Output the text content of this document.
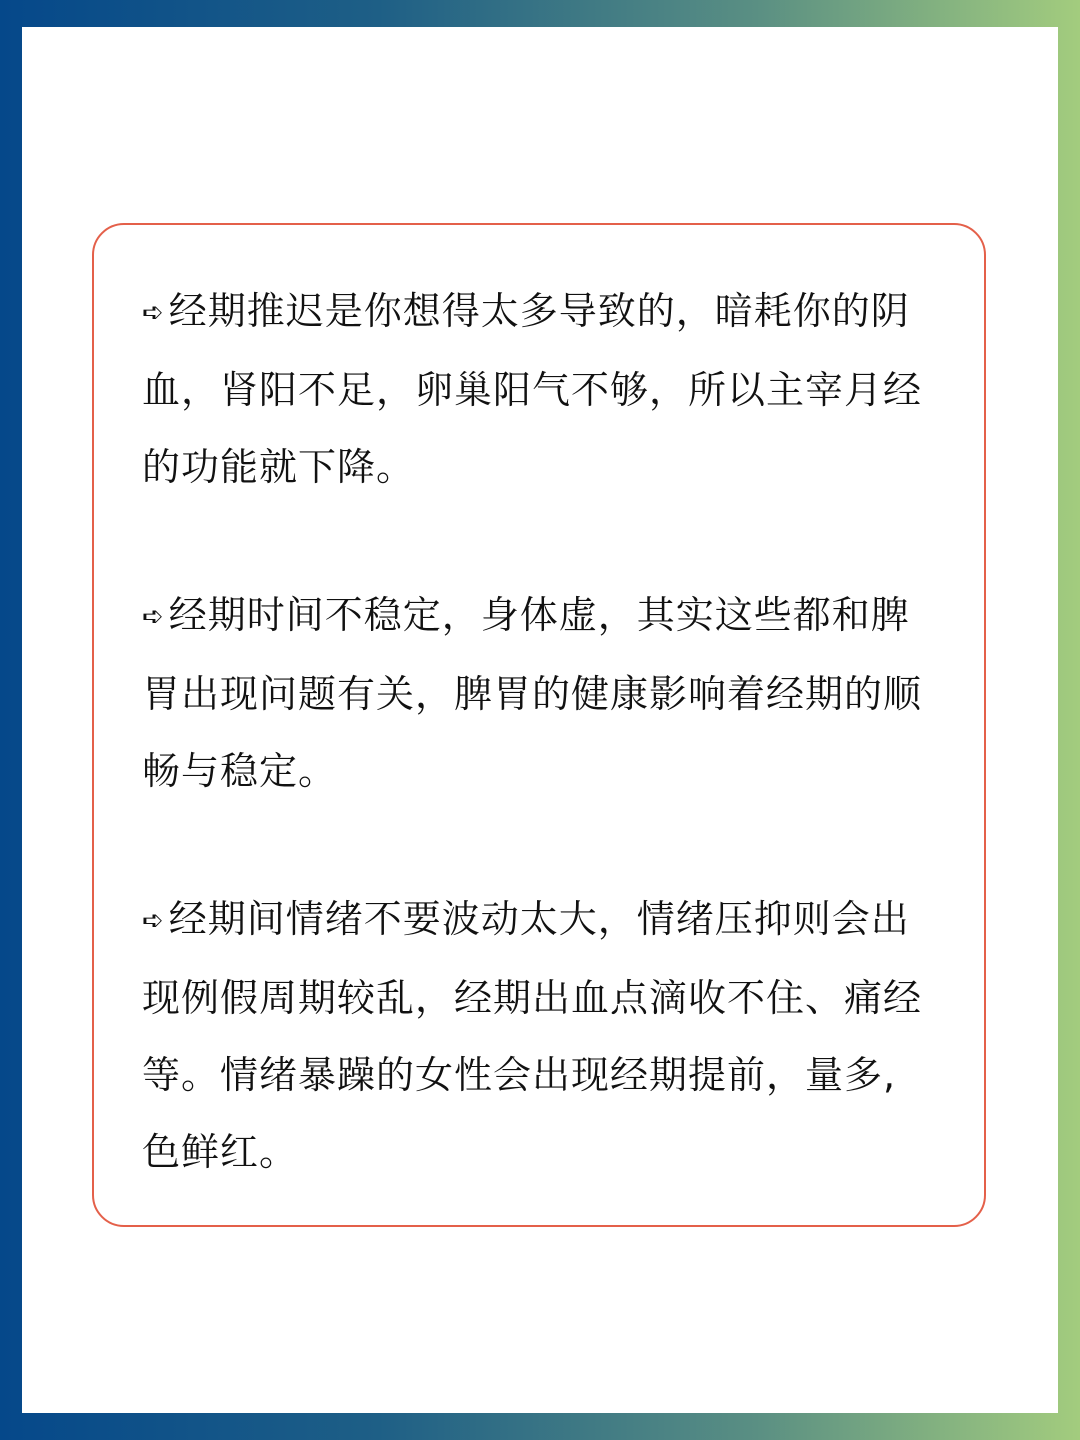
➪ 经期推迟是你想得太多导致的，暗耗你的阴血，肾阳不足，卵巢阳气不够，所以主宰月经的功能就下降。

➪ 经期时间不稳定，身体虚，其实这些都和脾胃出现问题有关，脾胃的健康影响着经期的顺畅与稳定。

➪ 经期间情绪不要波动太大，情绪压抑则会出现例假周期较乱，经期出血点滴收不住、痛经等。情绪暴躁的女性会出现经期提前，量多,色鲜红。
